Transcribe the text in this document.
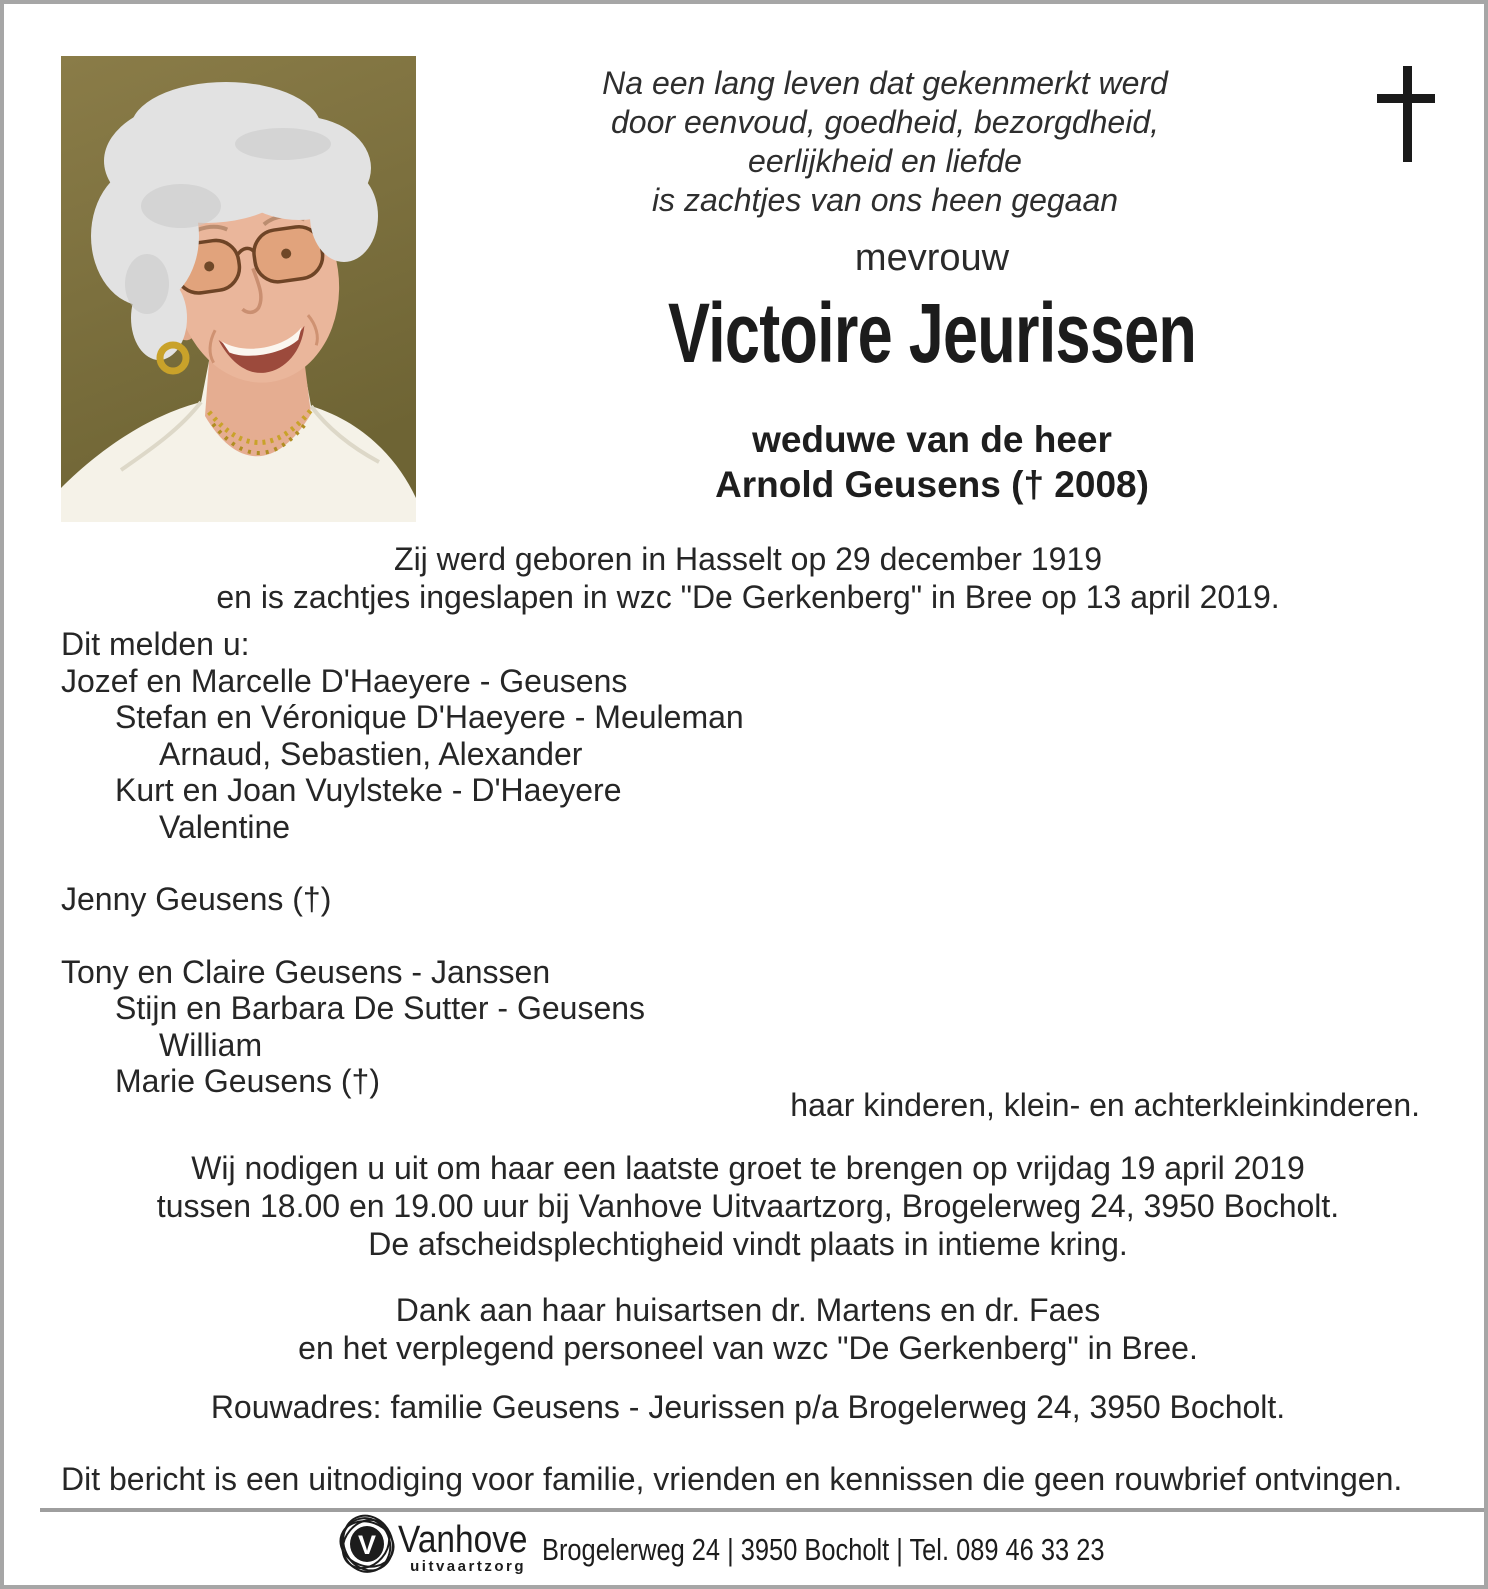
Na een lang leven dat gekenmerkt werd
door eenvoud, goedheid, bezorgdheid,
eerlijkheid en liefde
is zachtjes van ons heen gegaan
mevrouw
Victoire Jeurissen
weduwe van de heer
Arnold Geusens († 2008)
Zij werd geboren in Hasselt op 29 december 1919
en is zachtjes ingeslapen in wzc "De Gerkenberg" in Bree op 13 april 2019.
Dit melden u:
Jozef en Marcelle D'Haeyere - Geusens
Stefan en Véronique D'Haeyere - Meuleman
Arnaud, Sebastien, Alexander
Kurt en Joan Vuylsteke - D'Haeyere
Valentine
Jenny Geusens (†)
Tony en Claire Geusens - Janssen
Stijn en Barbara De Sutter - Geusens
William
Marie Geusens (†)
haar kinderen, klein- en achterkleinkinderen.
Wij nodigen u uit om haar een laatste groet te brengen op vrijdag 19 april 2019
tussen 18.00 en 19.00 uur bij Vanhove Uitvaartzorg, Brogelerweg 24, 3950 Bocholt.
De afscheidsplechtigheid vindt plaats in intieme kring.
Dank aan haar huisartsen dr. Martens en dr. Faes
en het verplegend personeel van wzc "De Gerkenberg" in Bree.
Rouwadres: familie Geusens - Jeurissen p/a Brogelerweg 24, 3950 Bocholt.
Dit bericht is een uitnodiging voor familie, vrienden en kennissen die geen rouwbrief ontvingen.
V Vanhove
uitvaartzorg Brogelerweg 24 | 3950 Bocholt | Tel. 089 46 33 23
